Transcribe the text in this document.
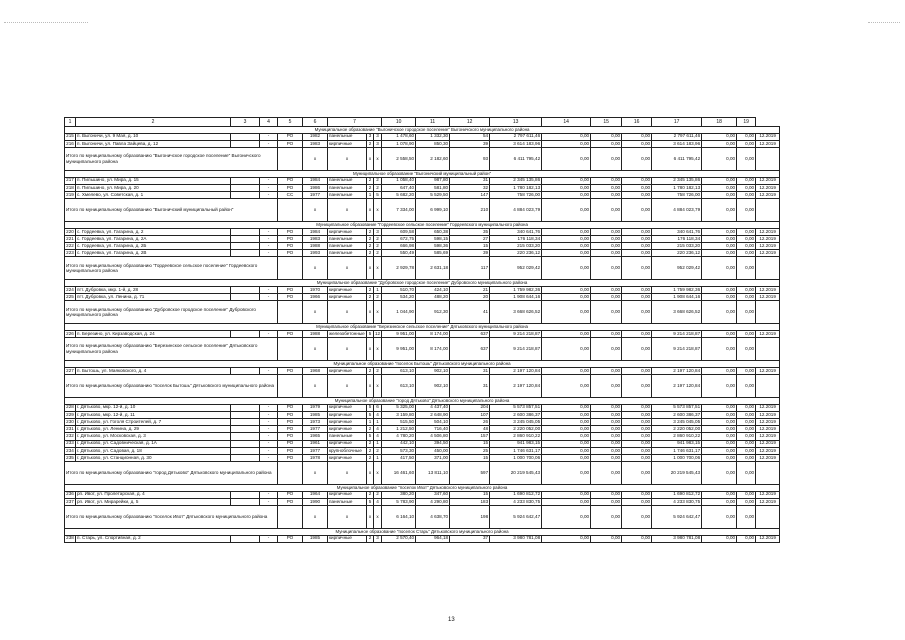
1	2	3	4	5	6	7			10	11	12	13	14	15	16	17	18	19	
Муниципальное образование "Выгоничское городское поселение" Выгоничского муниципального района																			
215	п. Выгоничи, ул. 9 Мая, д. 10		-	РО	1982	панельные	3	3	1 478,60	1 332,30	54	2 797 611,46	0,00	0,00	0,00	2 797 611,46	0,00	0,00	12.2019
216	п. Выгоничи, ул. Павла Зайцева, д. 12		-	РО	1983	кирпичные	2	3	1 078,90	850,30	39	3 614 183,96	0,00	0,00	0,00	3 614 183,96	0,00	0,00	12.2019
Итого по муниципальному образованию "Выгоничское городское поселение" Выгоничского муниципального района					x	x	x	x	2 558,50	2 182,60	93	6 411 795,42	0,00	0,00	0,00	6 411 795,42	0,00	0,00	
Муниципальное образование "Выгоничский муниципальный район"																			
217	п. Пильшино, ул. Мира, д. 15		-	РО	1984	панельные	2	2	1 058,40	987,80	31	2 345 135,86	0,00	0,00	0,00	2 345 135,86	0,00	0,00	12.2019
218	п. Пильшино, ул. Мира, д. 20		-	РО	1986	панельные	2	2	647,40	581,80	32	1 780 182,13	0,00	0,00	0,00	1 780 182,13	0,00	0,00	12.2019
219	с. Хмелево, ул. Советская, д. 1		-	СС	1977	панельные	1	5	5 682,20	5 529,50	147	758 726,00	0,00	0,00	0,00	758 726,00	0,00	0,00	12.2019
Итого по муниципальному образованию "Выгоничский муниципальный район"					x	x	x	x	7 334,00	6 999,10	210	4 884 023,79	0,00	0,00	0,00	4 884 023,79	0,00	0,00	
Муниципальное образование "Гордеевское сельское поселение" Гордеевского муниципального района																			
220	с. Гордеевка, ул. Гагарина, д. 2		-	РО	1984	кирпичные	2	3	609,58	650,38	35	340 641,76	0,00	0,00	0,00	340 641,76	0,00	0,00	12.2019
221	с. Гордеевка, ул. Гагарина, д. 2А		-	РО	1983	панельные	2	2	672,75	598,15	27	176 118,34	0,00	0,00	0,00	176 118,34	0,00	0,00	12.2019
222	с. Гордеевка, ул. Гагарина, д. 2Б		-	РО	1988	панельные	2	2	666,98	598,36	15	215 033,20	0,00	0,00	0,00	215 033,20	0,00	0,00	12.2019
223	с. Гордеевка, ул. Гагарина, д. 2В		-	РО	1993	панельные	2	2	550,49	585,69	39	220 236,12	0,00	0,00	0,00	220 236,12	0,00	0,00	12.2019
Итого по муниципальному образованию "Гордеевское сельское поселение" Гордеевского муниципального района					x	x	x	x	2 929,78	2 631,18	117	952 029,42	0,00	0,00	0,00	952 029,42	0,00	0,00	
Муниципальное образование "Дубровское городское поселение" Дубровского муниципального района																			
224	пгт. Дубровка, мкр. 1-й, д. 28		-	РО	1970	кирпичные	2	1	510,70	424,10	21	1 759 982,36	0,00	0,00	0,00	1 759 982,36	0,00	0,00	12.2019
225	пгт. Дубровка, ул. Ленина, д. 71		-	РО	1966	кирпичные	2	2	534,20	488,20	20	1 908 644,16	0,00	0,00	0,00	1 908 644,16	0,00	0,00	12.2019
Итого по муниципальному образованию "Дубровское городское поселение" Дубровского муниципального района					x	x	x	x	1 044,90	912,30	41	3 668 626,52	0,00	0,00	0,00	3 668 626,52	0,00	0,00	
Муниципальное образование "Березинское сельское поселение" Дятьковского муниципального района																			
226	п. Березино, ул. Кирзаводская, д. 24		-	РО	1988	железобетонные	5	12	9 951,00	8 174,00	637	9 214 218,87	0,00	0,00	0,00	9 214 218,87	0,00	0,00	12.2019
Итого по муниципальному образованию "Березинское сельское поселение" Дятьковского муниципального района					x	x	x	x	9 951,00	8 174,00	637	9 214 218,87	0,00	0,00	0,00	9 214 218,87	0,00	0,00	
Муниципальное образование "поселок Бытошь" Дятьковского муниципального района																			
227	п. Бытошь, ул. Маяковского, д. 4		-	РО	1968	кирпичные	2	2	613,10	902,10	31	2 197 120,84	0,00	0,00	0,00	2 197 120,84	0,00	0,00	12.2019
Итого по муниципальному образованию "поселок Бытошь" Дятьковского муниципального района					x	x	x	x	613,10	902,10	31	2 197 120,84	0,00	0,00	0,00	2 197 120,84	0,00	0,00	
Муниципальное образование "город Дятьково" Дятьковского муниципального района																			
228	г. Дятьково, мкр. 12-й, д. 10		-	РО	1979	кирпичные	5	6	5 325,00	4 437,40	204	5 573 857,51	0,00	0,00	0,00	5 573 857,51	0,00	0,00	12.2019
229	г. Дятьково, мкр. 12-й, д. 11		-	РО	1985	кирпичные	5	4	3 159,80	2 648,90	107	2 600 386,37	0,00	0,00	0,00	2 600 386,37	0,00	0,00	12.2019
230	г. Дятьково, ул. Гоголя Строителей, д. 7		-	РО	1973	кирпичные	1	1	515,50	504,10	26	3 245 045,05	0,00	0,00	0,00	3 245 045,05	0,00	0,00	12.2019
231	г. Дятьково, ул. Ленина, д. 29		-	РО	1977	кирпичные	2	4	1 212,50	716,40	48	2 220 052,00	0,00	0,00	0,00	2 220 052,00	0,00	0,00	12.2019
232	г. Дятьково, ул. Московская, д. 3		-	РО	1965	панельные	5	4	4 780,20	4 506,80	157	2 860 910,22	0,00	0,00	0,00	2 860 910,22	0,00	0,00	12.2019
233	г. Дятьково, ул. Садовническая, д. 1А		-	РО	1961	кирпичные	2	1	442,10	394,50	15	941 983,15	0,00	0,00	0,00	941 983,15	0,00	0,00	12.2019
234	г. Дятьково, ул. Садовая, д. 18		-	РО	1977	крупноблочные	2	2	573,30	450,00	25	1 746 631,17	0,00	0,00	0,00	1 746 631,17	0,00	0,00	12.2019
235	г. Дятьково, ул. Станционная, д. 30		-	РО	1978	кирпичные	2	1	417,50	371,00	15	1 000 700,06	0,00	0,00	0,00	1 000 700,06	0,00	0,00	12.2019
Итого по муниципальному образованию "город Дятьково" Дятьковского муниципального района					x	x	x	x	16 461,60	13 811,10	597	20 219 545,43	0,00	0,00	0,00	20 219 545,43	0,00	0,00	
Муниципальное образование "поселок Ивот" Дятьковского муниципального района																			
236	рп. Ивот, ул. Пролетарская, д. 4		-	РО	1964	кирпичные	2	2	380,20	347,60	15	1 690 812,72	0,00	0,00	0,00	1 690 812,72	0,00	0,00	12.2019
237	рп. Ивот, ул. Мирарейки, д. 5		-	РО	1990	панельные	5	4	5 783,90	4 290,80	183	4 233 830,75	0,00	0,00	0,00	4 233 830,75	0,00	0,00	12.2019
Итого по муниципальному образованию "поселок Ивот" Дятьковского муниципального района					x	x	x	x	6 164,10	4 638,70	198	5 924 642,47	0,00	0,00	0,00	5 924 642,47	0,00	0,00	
Муниципальное образование "поселок Старь" Дятьковского муниципального района																			
238	п. Старь, ул. Спортивная, д. 2		-	РО	1985	кирпичные	2	3	2 570,40	964,18	37	3 980 781,08	0,00	0,00	0,00	3 980 781,08	0,00	0,00	12.2019
13
